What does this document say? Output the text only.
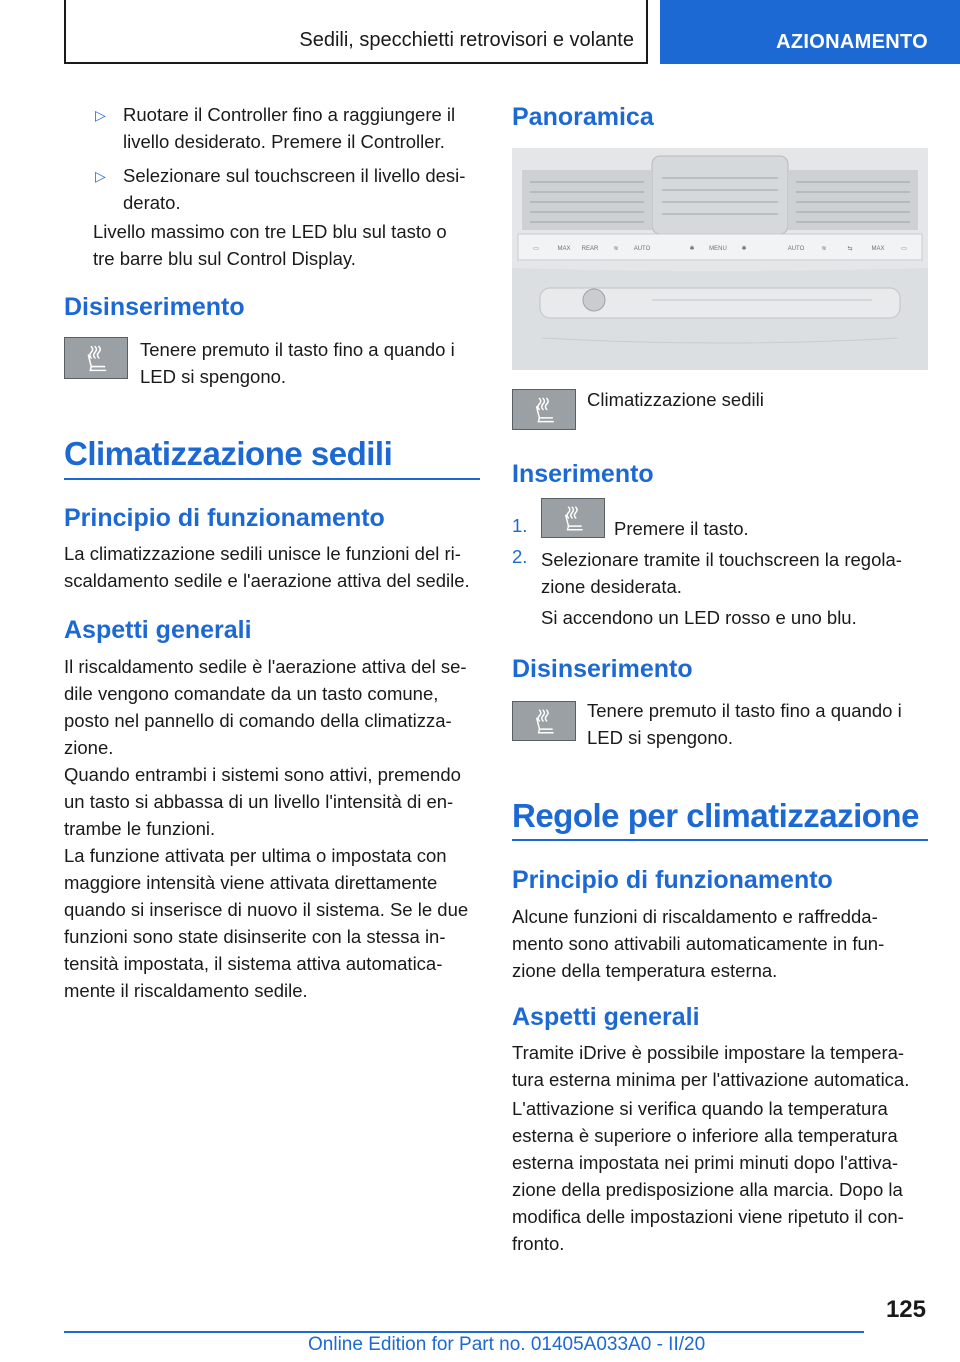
Sedili, specchietti retrovisori e volante	AZIONAMENTO
▷ Ruotare il Controller fino a raggiungere il
livello desiderato. Premere il Controller.
▷ Selezionare sul touchscreen il livello desi-
derato.
Livello massimo con tre LED blu sul tasto o
tre barre blu sul Control Display.
Disinserimento
Tenere premuto il tasto fino a quando i
LED si spengono.
Climatizzazione sedili
Principio di funzionamento
La climatizzazione sedili unisce le funzioni del ri-
scaldamento sedile e l'aerazione attiva del sedile.
Aspetti generali
Il riscaldamento sedile è l'aerazione attiva del se-
dile vengono comandate da un tasto comune,
posto nel pannello di comando della climatizza-
zione.
Quando entrambi i sistemi sono attivi, premendo
un tasto si abbassa di un livello l'intensità di en-
trambe le funzioni.
La funzione attivata per ultima o impostata con
maggiore intensità viene attivata direttamente
quando si inserisce di nuovo il sistema. Se le due
funzioni sono state disinserite con la stessa in-
tensità impostata, il sistema attiva automatica-
mente il riscaldamento sedile.
Panoramica
▭	MAX REAR	≋	AUTO	✱ MENU ✱	AUTO	≋	⇆	MAX	▭
Climatizzazione sedili
Inserimento
1.	Premere il tasto.
2. Selezionare tramite il touchscreen la regola-
zione desiderata.
Si accendono un LED rosso e uno blu.
Disinserimento
Tenere premuto il tasto fino a quando i
LED si spengono.
Regole per climatizzazione
Principio di funzionamento
Alcune funzioni di riscaldamento e raffredda-
mento sono attivabili automaticamente in fun-
zione della temperatura esterna.
Aspetti generali
Tramite iDrive è possibile impostare la tempera-
tura esterna minima per l'attivazione automatica.
L'attivazione si verifica quando la temperatura
esterna è superiore o inferiore alla temperatura
esterna impostata nei primi minuti dopo l'attiva-
zione della predisposizione alla marcia. Dopo la
modifica delle impostazioni viene ripetuto il con-
fronto.
125
Online Edition for Part no. 01405A033A0 - II/20
